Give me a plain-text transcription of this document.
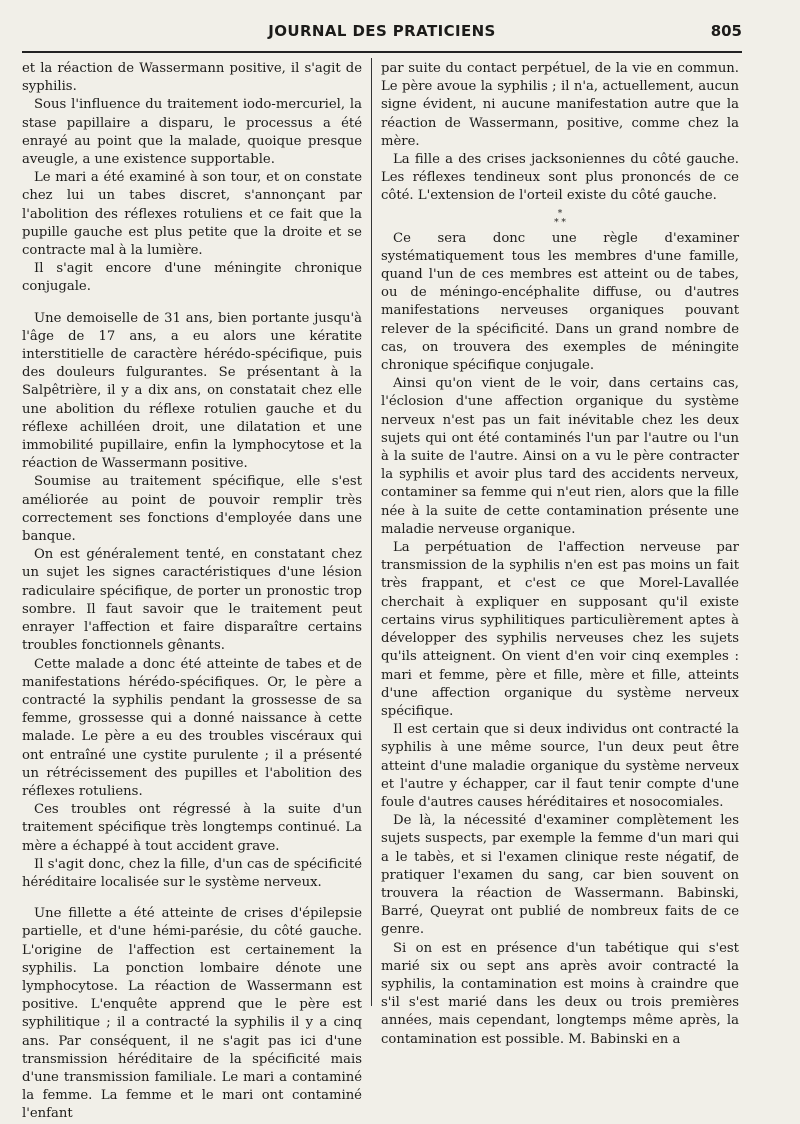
JOURNAL DES PRATICIENS	805

et la réaction de Wassermann positive, il s'agit de syphilis.

Sous l'influence du traitement iodo-mercuriel, la stase papillaire a disparu, le processus a été enrayé au point que la malade, quoique presque aveugle, a une existence supportable.

Le mari a été examiné à son tour, et on constate chez lui un tabes discret, s'annonçant par l'abolition des réflexes rotuliens et ce fait que la pupille gauche est plus petite que la droite et se contracte mal à la lumière.

Il s'agit encore d'une méningite chronique conjugale.

Une demoiselle de 31 ans, bien portante jusqu'à l'âge de 17 ans, a eu alors une kératite interstitielle de caractère hérédo-spécifique, puis des douleurs fulgurantes. Se présentant à la Salpêtrière, il y a dix ans, on constatait chez elle une abolition du réflexe rotulien gauche et du réflexe achilléen droit, une dilatation et une immobilité pupillaire, enfin la lymphocytose et la réaction de Wassermann positive.

Soumise au traitement spécifique, elle s'est améliorée au point de pouvoir remplir très correctement ses fonctions d'employée dans une banque.

On est généralement tenté, en constatant chez un sujet les signes caractéristiques d'une lésion radiculaire spécifique, de porter un pronostic trop sombre. Il faut savoir que le traitement peut enrayer l'affection et faire disparaître certains troubles fonctionnels gênants.

Cette malade a donc été atteinte de tabes et de manifestations hérédo-spécifiques. Or, le père a contracté la syphilis pendant la grossesse de sa femme, grossesse qui a donné naissance à cette malade. Le père a eu des troubles viscéraux qui ont entraîné une cystite purulente ; il a présenté un rétrécissement des pupilles et l'abolition des réflexes rotuliens.

Ces troubles ont régressé à la suite d'un traitement spécifique très longtemps continué. La mère a échappé à tout accident grave.

Il s'agit donc, chez la fille, d'un cas de spécificité héréditaire localisée sur le système nerveux.

Une fillette a été atteinte de crises d'épilepsie partielle, et d'une hémi-parésie, du côté gauche. L'origine de l'affection est certainement la syphilis. La ponction lombaire dénote une lymphocytose. La réaction de Wassermann est positive. L'enquête apprend que le père est syphilitique ; il a contracté la syphilis il y a cinq ans. Par conséquent, il ne s'agit pas ici d'une transmission héréditaire de la spécificité mais d'une transmission familiale. Le mari a contaminé la femme. La femme et le mari ont contaminé l'enfant

par suite du contact perpétuel, de la vie en commun. Le père avoue la syphilis ; il n'a, actuellement, aucun signe évident, ni aucune manifestation autre que la réaction de Wassermann, positive, comme chez la mère.

La fille a des crises jacksoniennes du côté gauche. Les réflexes tendineux sont plus prononcés de ce côté. L'extension de l'orteil existe du côté gauche.

*
* *

Ce sera donc une règle d'examiner systématiquement tous les membres d'une famille, quand l'un de ces membres est atteint ou de tabes, ou de méningo-encéphalite diffuse, ou d'autres manifestations nerveuses organiques pouvant relever de la spécificité. Dans un grand nombre de cas, on trouvera des exemples de méningite chronique spécifique conjugale.

Ainsi qu'on vient de le voir, dans certains cas, l'éclosion d'une affection organique du système nerveux n'est pas un fait inévitable chez les deux sujets qui ont été contaminés l'un par l'autre ou l'un à la suite de l'autre. Ainsi on a vu le père contracter la syphilis et avoir plus tard des accidents nerveux, contaminer sa femme qui n'eut rien, alors que la fille née à la suite de cette contamination présente une maladie nerveuse organique.

La perpétuation de l'affection nerveuse par transmission de la syphilis n'en est pas moins un fait très frappant, et c'est ce que Morel-Lavallée cherchait à expliquer en supposant qu'il existe certains virus syphilitiques particulièrement aptes à développer des syphilis nerveuses chez les sujets qu'ils atteignent. On vient d'en voir cinq exemples : mari et femme, père et fille, mère et fille, atteints d'une affection organique du système nerveux spécifique.

Il est certain que si deux individus ont contracté la syphilis à une même source, l'un deux peut être atteint d'une maladie organique du système nerveux et l'autre y échapper, car il faut tenir compte d'une foule d'autres causes héréditaires et nosocomiales.

De là, la nécessité d'examiner complètement les sujets suspects, par exemple la femme d'un mari qui a le tabès, et si l'examen clinique reste négatif, de pratiquer l'examen du sang, car bien souvent on trouvera la réaction de Wassermann. Babinski, Barré, Queyrat ont publié de nombreux faits de ce genre.

Si on est en présence d'un tabétique qui s'est marié six ou sept ans après avoir contracté la syphilis, la contamination est moins à craindre que s'il s'est marié dans les deux ou trois premières années, mais cependant, longtemps même après, la contamination est possible. M. Babinski en a
